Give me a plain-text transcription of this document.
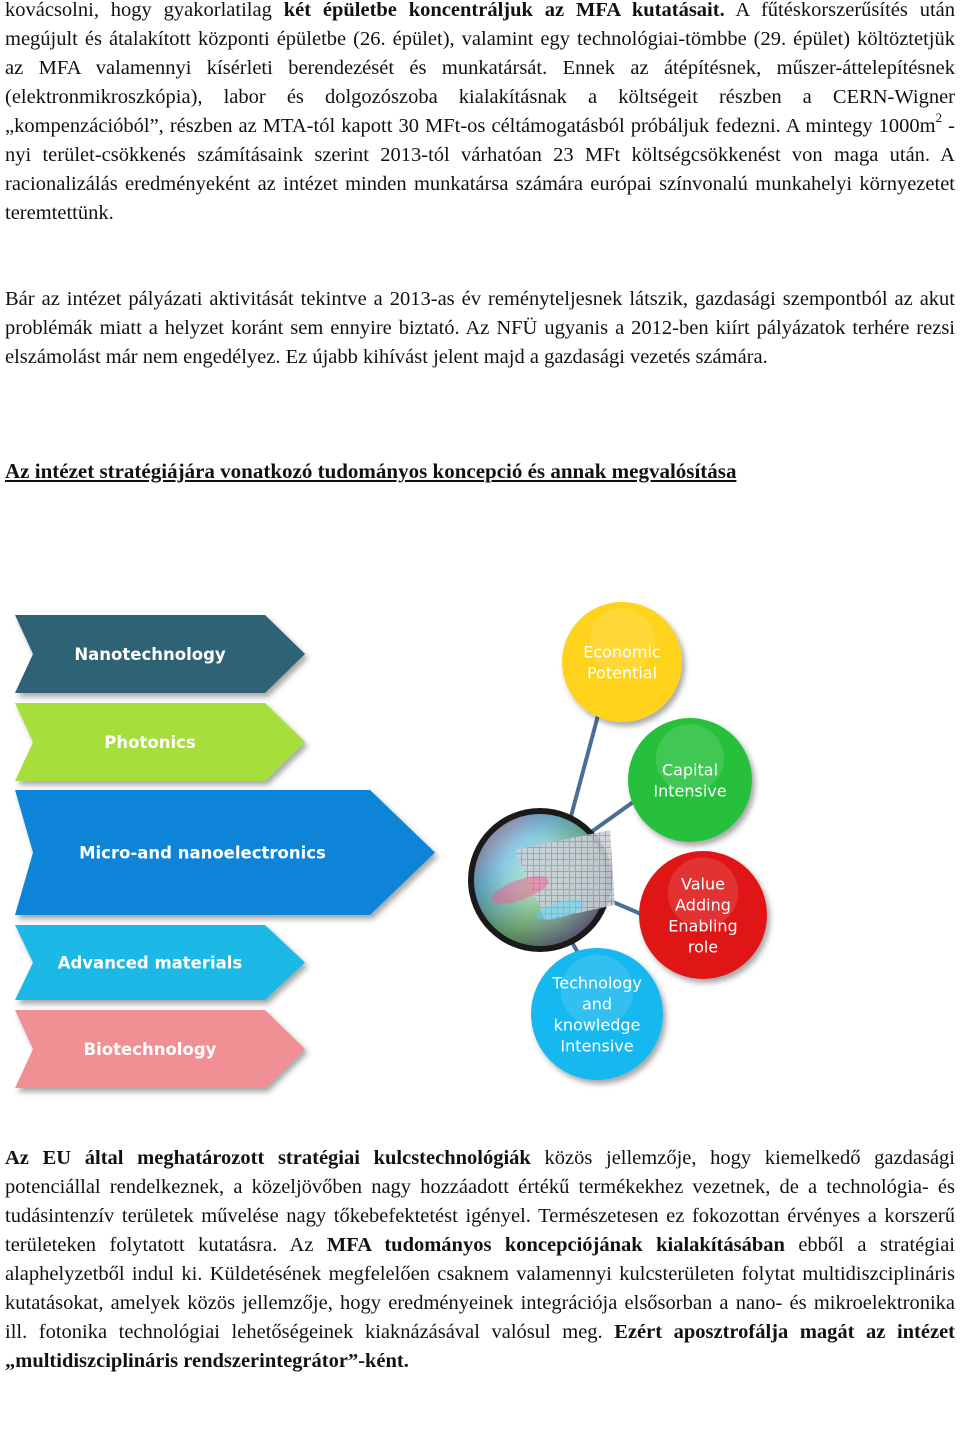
kovácsolni, hogy gyakorlatilag két épületbe koncentráljuk az MFA kutatásait. A fűtéskorszerűsítés után megújult és átalakított központi épületbe (26. épület), valamint egy technológiai-tömbbe (29. épület) költöztetjük az MFA valamennyi kísérleti berendezését és munkatársát. Ennek az átépítésnek, műszer-áttelepítésnek (elektronmikroszkópia), labor és dolgozószoba kialakításnak a költségeit részben a CERN-Wigner „kompenzációból”, részben az MTA-tól kapott 30 MFt-os céltámogatásból próbáljuk fedezni. A mintegy $1000m^2$ -nyi terület-csökkenés számításaink szerint 2013-tól várhatóan 23 MFt költségcsökkenést von maga után. A racionalizálás eredményeként az intézet minden munkatársa számára európai színvonalú munkahelyi környezetet teremtettünk.

Bár az intézet pályázati aktivitását tekintve a 2013-as év reményteljesnek látszik, gazdasági szempontból az akut problémák miatt a helyzet koránt sem ennyire biztató. Az NFÜ ugyanis a 2012-ben kiírt pályázatok terhére rezsi elszámolást már nem engedélyez. Ez újabb kihívást jelent majd a gazdasági vezetés számára.

Az intézet stratégiájára vonatkozó tudományos koncepció és annak megvalósítása

Nanotechnology
Photonics
Micro-and nanoelectronics
Advanced materials
Biotechnology
Economic
Potential
Capital
Intensive
Value
Adding
Enabling
role
Technology
and
knowledge
Intensive

Az EU által meghatározott stratégiai kulcstechnológiák közös jellemzője, hogy kiemelkedő gazdasági potenciállal rendelkeznek, a közeljövőben nagy hozzáadott értékű termékekhez vezetnek, de a technológia- és tudásintenzív területek művelése nagy tőkebefektetést igényel. Természetesen ez fokozottan érvényes a korszerű területeken folytatott kutatásra. Az MFA tudományos koncepciójának kialakításában ebből a stratégiai alaphelyzetből indul ki. Küldetésének megfelelően csaknem valamennyi kulcsterületen folytat multidiszciplináris kutatásokat, amelyek közös jellemzője, hogy eredményeinek integrációja elsősorban a nano- és mikroelektronika ill. fotonika technológiai lehetőségeinek kiaknázásával valósul meg. Ezért aposztrofálja magát az intézet „multidiszciplináris rendszerintegrátor”-ként.
